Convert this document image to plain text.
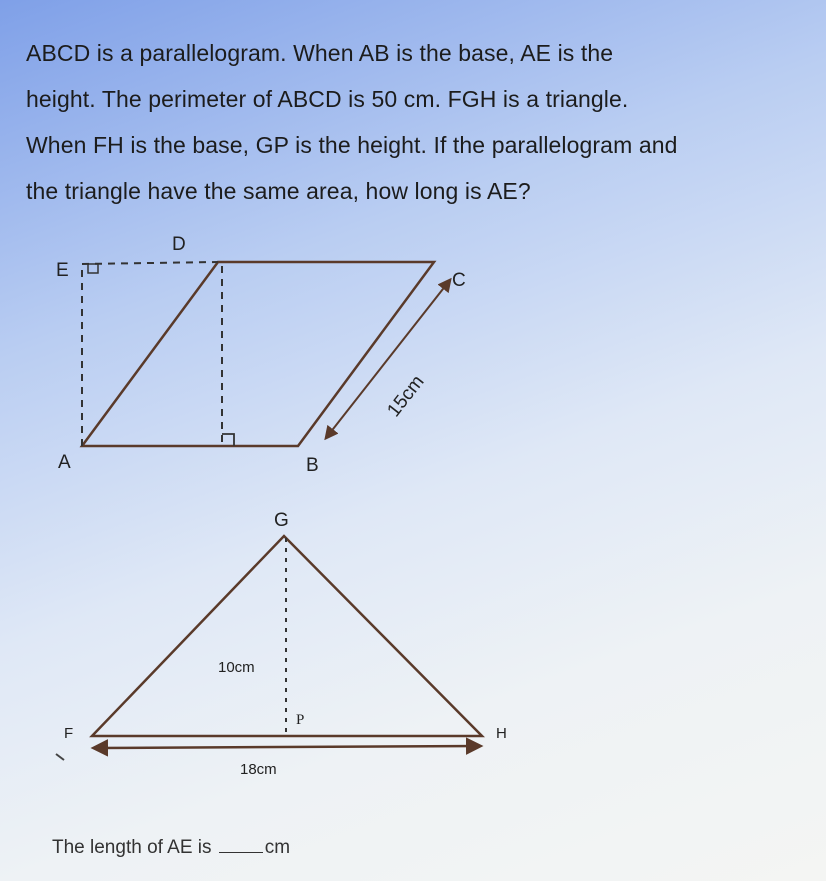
ABCD is a parallelogram. When AB is the base, AE is the
height. The perimeter of ABCD is 50 cm. FGH is a triangle.
When FH is the base, GP is the height. If the parallelogram and
the triangle have the same area, how long is AE?
A	B
C
D
E
15cm
F
G
H
P
10cm
18cm
The length of AE is	cm
